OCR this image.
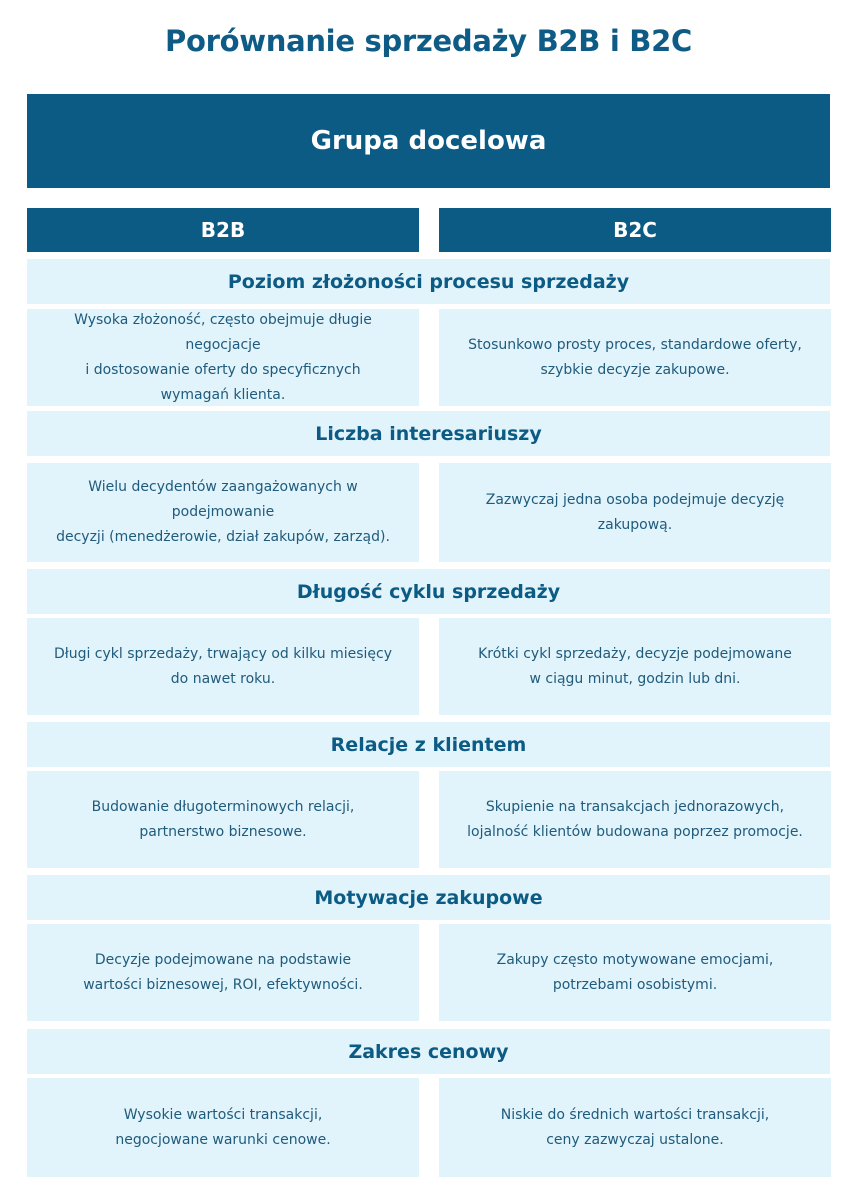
Porównanie sprzedaży B2B i B2C
Grupa docelowa
B2B	B2C
Poziom złożoności procesu sprzedaży
Wysoka złożoność, często obejmuje długie negocjacje
i dostosowanie oferty do specyficznych
wymagań klienta.
Stosunkowo prosty proces, standardowe oferty,
szybkie decyzje zakupowe.
Liczba interesariuszy
Wielu decydentów zaangażowanych w podejmowanie
decyzji (menedżerowie, dział zakupów, zarząd).
Zazwyczaj jedna osoba podejmuje decyzję zakupową.
Długość cyklu sprzedaży
Długi cykl sprzedaży, trwający od kilku miesięcy
do nawet roku.
Krótki cykl sprzedaży, decyzje podejmowane
w ciągu minut, godzin lub dni.
Relacje z klientem
Budowanie długoterminowych relacji,
partnerstwo biznesowe.
Skupienie na transakcjach jednorazowych,
lojalność klientów budowana poprzez promocje.
Motywacje zakupowe
Decyzje podejmowane na podstawie
wartości biznesowej, ROI, efektywności.
Zakupy często motywowane emocjami,
potrzebami osobistymi.
Zakres cenowy
Wysokie wartości transakcji,
negocjowane warunki cenowe.
Niskie do średnich wartości transakcji,
ceny zazwyczaj ustalone.
